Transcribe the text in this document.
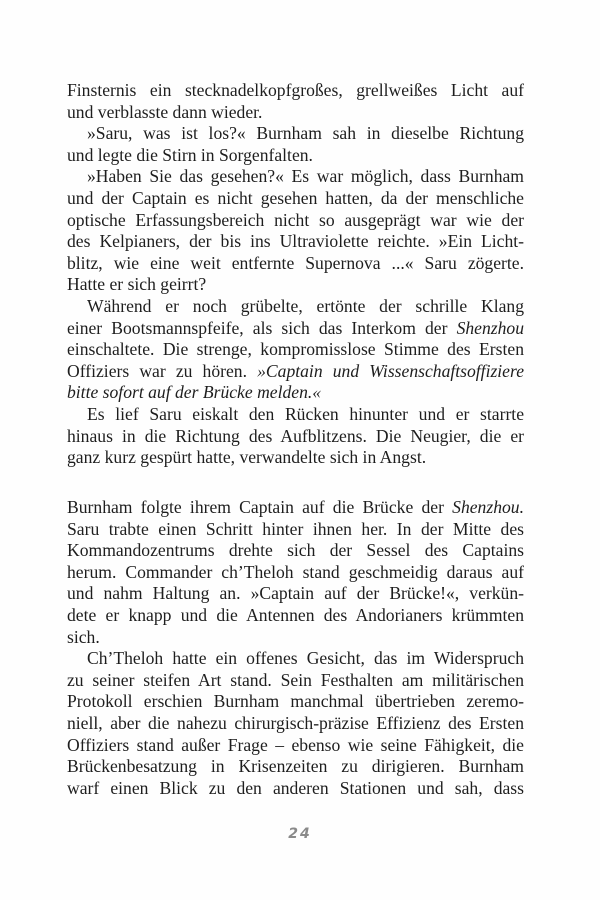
Finsternis ein stecknadelkopfgroßes, grellweißes Licht auf
und verblasste dann wieder.
»Saru, was ist los?« Burnham sah in dieselbe Richtung
und legte die Stirn in Sorgenfalten.
»Haben Sie das gesehen?« Es war möglich, dass Burnham
und der Captain es nicht gesehen hatten, da der menschliche
optische Erfassungsbereich nicht so ausgeprägt war wie der
des Kelpianers, der bis ins Ultraviolette reichte. »Ein Licht-
blitz, wie eine weit entfernte Supernova ...« Saru zögerte.
Hatte er sich geirrt?
Während er noch grübelte, ertönte der schrille Klang
einer Bootsmannspfeife, als sich das Interkom der Shenzhou
einschaltete. Die strenge, kompromisslose Stimme des Ersten
Offiziers war zu hören. »Captain und Wissenschaftsoffiziere
bitte sofort auf der Brücke melden.«
Es lief Saru eiskalt den Rücken hinunter und er starrte
hinaus in die Richtung des Aufblitzens. Die Neugier, die er
ganz kurz gespürt hatte, verwandelte sich in Angst.
Burnham folgte ihrem Captain auf die Brücke der Shenzhou.
Saru trabte einen Schritt hinter ihnen her. In der Mitte des
Kommandozentrums drehte sich der Sessel des Captains
herum. Commander ch’Theloh stand geschmeidig daraus auf
und nahm Haltung an. »Captain auf der Brücke!«, verkün-
dete er knapp und die Antennen des Andorianers krümmten
sich.
Ch’Theloh hatte ein offenes Gesicht, das im Widerspruch
zu seiner steifen Art stand. Sein Festhalten am militärischen
Protokoll erschien Burnham manchmal übertrieben zeremo-
niell, aber die nahezu chirurgisch-präzise Effizienz des Ersten
Offiziers stand außer Frage – ebenso wie seine Fähigkeit, die
Brückenbesatzung in Krisenzeiten zu dirigieren. Burnham
warf einen Blick zu den anderen Stationen und sah, dass
24
